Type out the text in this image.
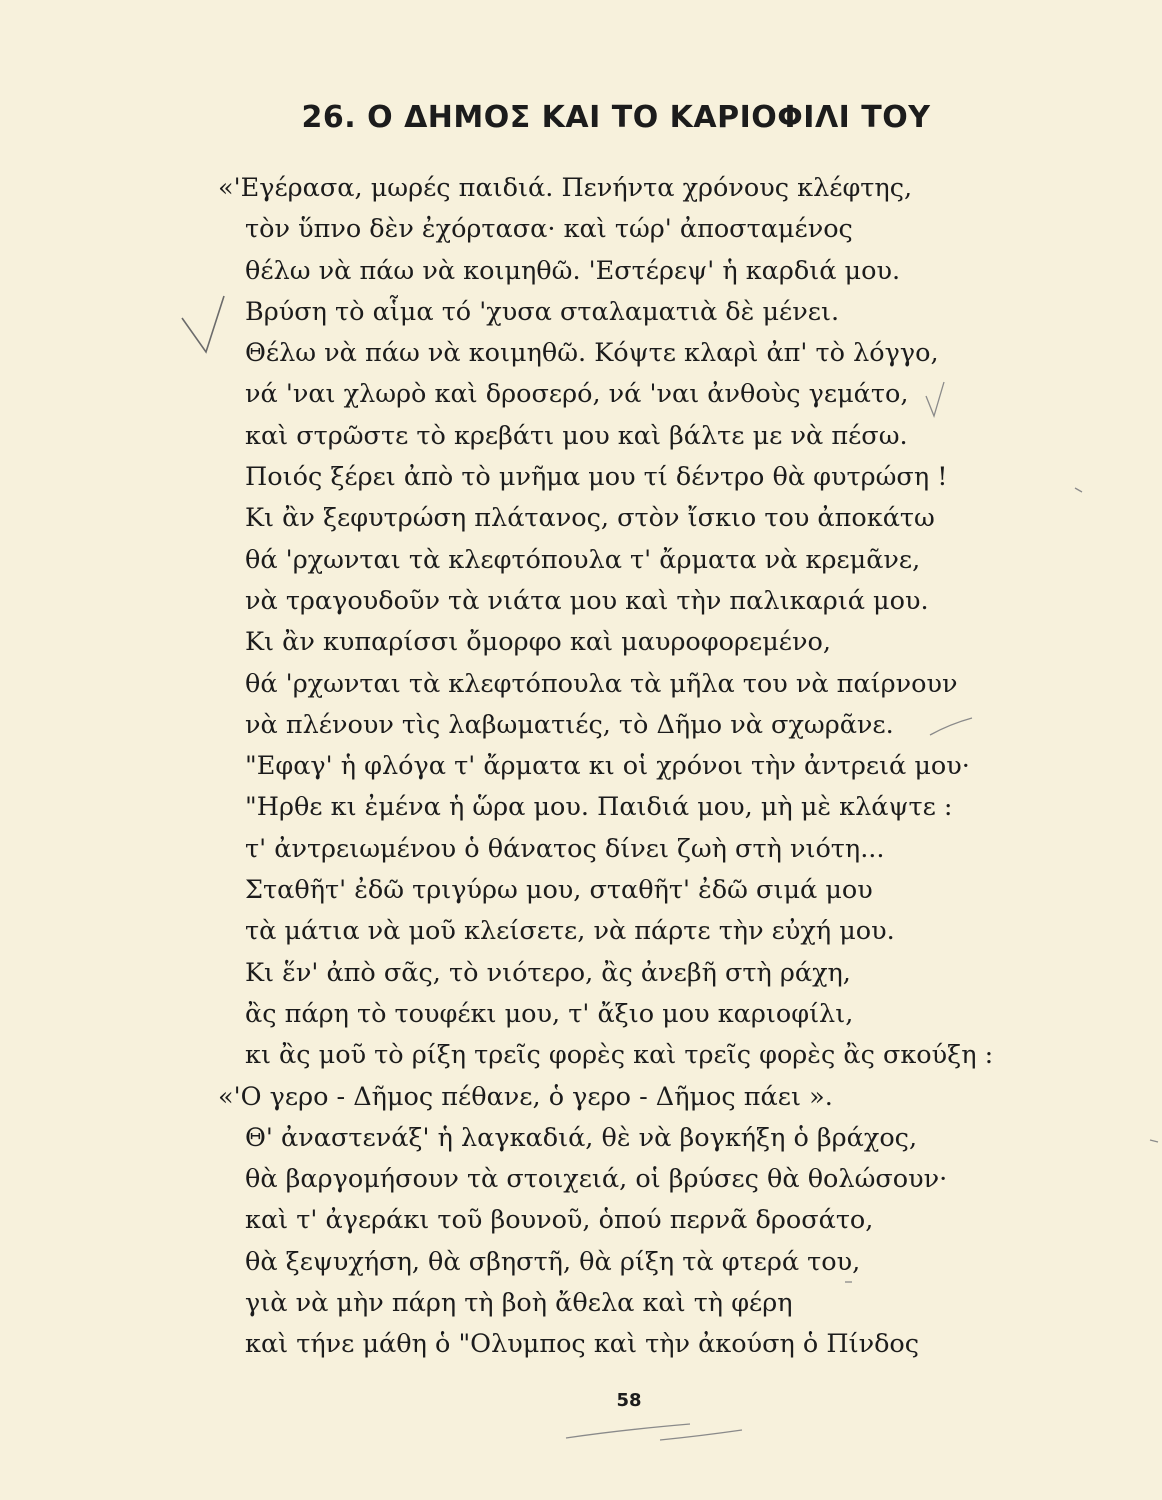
26. Ο ΔΗΜΟΣ ΚΑΙ ΤΟ ΚΑΡΙΟΦΙΛΙ ΤΟΥ
«'Εγέρασα, μωρές παιδιά. Πενήντα χρόνους κλέφτης,
τὸν ὕπνο δὲν ἐχόρτασα· καὶ τώρ' ἀποσταμένος
θέλω νὰ πάω νὰ κοιμηθῶ. 'Εστέρεψ' ἡ καρδιά μου.
Βρύση τὸ αἷμα τό 'χυσα σταλαματιὰ δὲ μένει.
Θέλω νὰ πάω νὰ κοιμηθῶ. Κόψτε κλαρὶ ἀπ' τὸ λόγγο,
νά 'ναι χλωρὸ καὶ δροσερό, νά 'ναι ἀνθοὺς γεμάτο,
καὶ στρῶστε τὸ κρεβάτι μου καὶ βάλτε με νὰ πέσω.
Ποιός ξέρει ἀπὸ τὸ μνῆμα μου τί δέντρο θὰ φυτρώση !
Κι ἂν ξεφυτρώση πλάτανος, στὸν ἴσκιο του ἀποκάτω
θά 'ρχωνται τὰ κλεφτόπουλα τ' ἄρματα νὰ κρεμᾶνε,
νὰ τραγουδοῦν τὰ νιάτα μου καὶ τὴν παλικαριά μου.
Κι ἂν κυπαρίσσι ὄμορφο καὶ μαυροφορεμένο,
θά 'ρχωνται τὰ κλεφτόπουλα τὰ μῆλα του νὰ παίρνουν
νὰ πλένουν τὶς λαβωματιές, τὸ Δῆμο νὰ σχωρᾶνε.
"Εφαγ' ἡ φλόγα τ' ἄρματα κι οἱ χρόνοι τὴν ἀντρειά μου·
"Ηρθε κι ἐμένα ἡ ὥρα μου. Παιδιά μου, μὴ μὲ κλάψτε :
τ' ἀντρειωμένου ὁ θάνατος δίνει ζωὴ στὴ νιότη...
Σταθῆτ' ἐδῶ τριγύρω μου, σταθῆτ' ἐδῶ σιμά μου
τὰ μάτια νὰ μοῦ κλείσετε, νὰ πάρτε τὴν εὐχή μου.
Κι ἕν' ἀπὸ σᾶς, τὸ νιότερο, ἂς ἀνεβῆ στὴ ράχη,
ἂς πάρη τὸ τουφέκι μου, τ' ἄξιο μου καριοφίλι,
κι ἂς μοῦ τὸ ρίξη τρεῖς φορὲς καὶ τρεῖς φορὲς ἂς σκούξη :
«'Ο γερο - Δῆμος πέθανε, ὁ γερο - Δῆμος πάει ».
Θ' ἀναστενάξ' ἡ λαγκαδιά, θὲ νὰ βογκήξη ὁ βράχος,
θὰ βαργομήσουν τὰ στοιχειά, οἱ βρύσες θὰ θολώσουν·
καὶ τ' ἀγεράκι τοῦ βουνοῦ, ὁπού περνᾶ δροσάτο,
θὰ ξεψυχήση, θὰ σβηστῆ, θὰ ρίξη τὰ φτερά του,
γιὰ νὰ μὴν πάρη τὴ βοὴ ἄθελα καὶ τὴ φέρη
καὶ τήνε μάθη ὁ "Ολυμπος καὶ τὴν ἀκούση ὁ Πίνδος
58
